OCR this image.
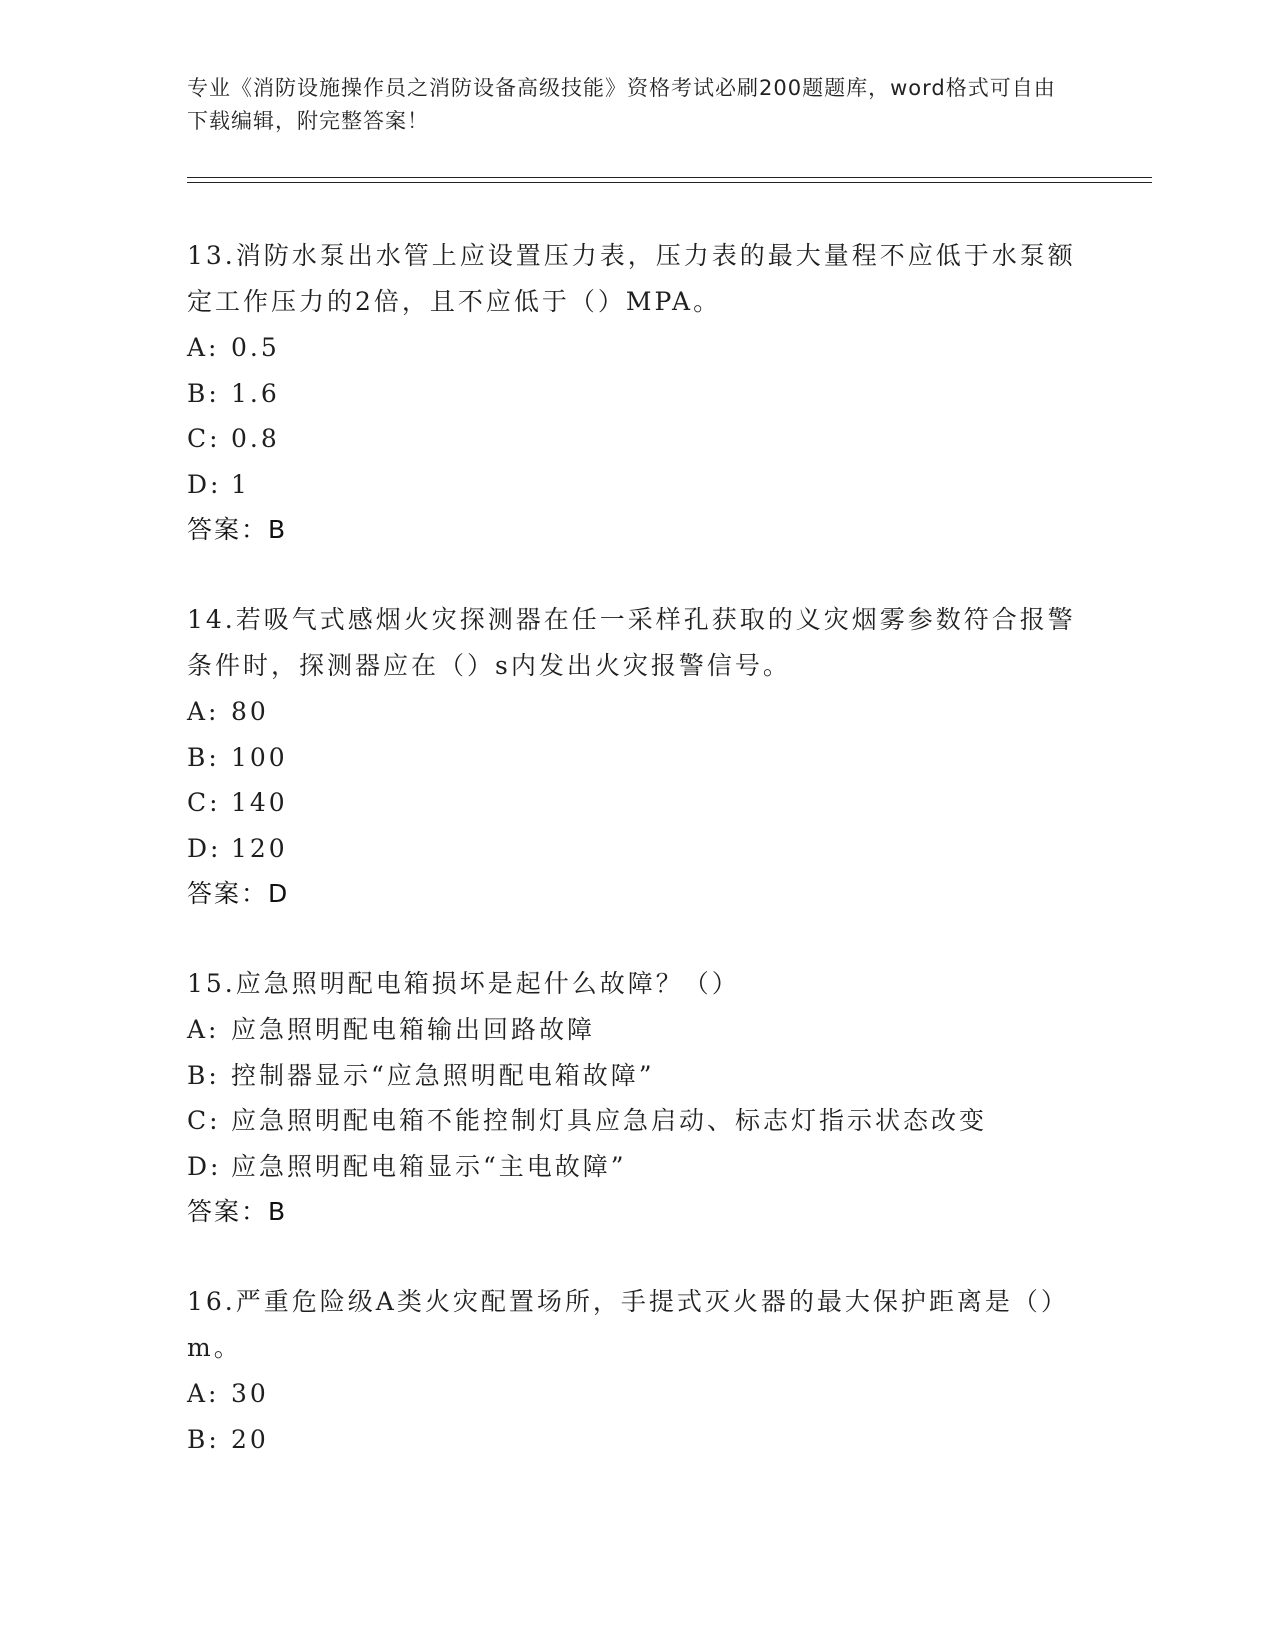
专业《消防设施操作员之消防设备高级技能》资格考试必刷200题题库，word格式可自由下载编辑，附完整答案！

13.消防水泵出水管上应设置压力表，压力表的最大量程不应低于水泵额定工作压力的2倍，且不应低于（）MPA。

A: 0.5

B: 1.6

C: 0.8

D: 1

答案：B

14.若吸气式感烟火灾探测器在任一采样孔获取的义灾烟雾参数符合报警条件时，探测器应在（）s内发出火灾报警信号。

A: 80

B: 100

C: 140

D: 120

答案：D

15.应急照明配电箱损坏是起什么故障？（）

A: 应急照明配电箱输出回路故障

B: 控制器显示“应急照明配电箱故障”

C: 应急照明配电箱不能控制灯具应急启动、标志灯指示状态改变

D: 应急照明配电箱显示“主电故障”

答案：B

16.严重危险级A类火灾配置场所，手提式灭火器的最大保护距离是（）m。

A: 30

B: 20
